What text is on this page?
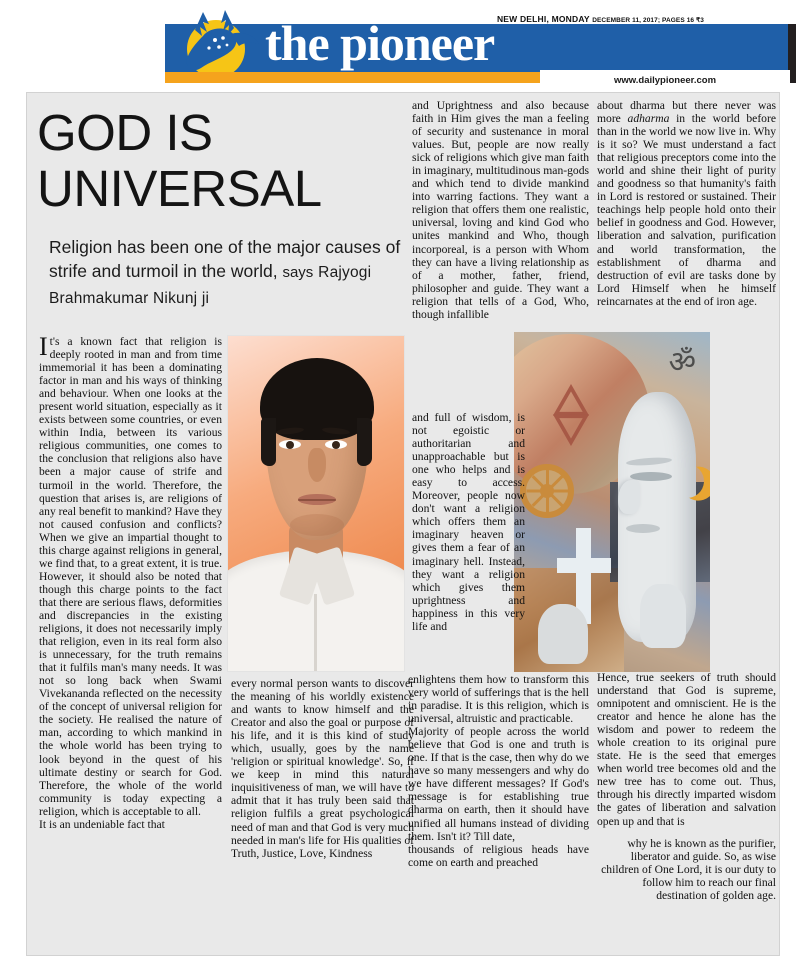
NEW DELHI, MONDAY DECEMBER 11, 2017; PAGES 16 ₹3
the pioneer
www.dailypioneer.com
GOD IS
UNIVERSAL
Religion has been one of the major causes of strife and turmoil in the world, says Rajyogi Brahmakumar Nikunj ji
ॐ

It's a known fact that religion is deeply rooted in man and from time immemorial it has been a dominating factor in man and his ways of thinking and behaviour. When one looks at the present world situation, especially as it exists between some countries, or even within India, between its various religious communities, one comes to the conclusion that religions also have been a major cause of strife and turmoil in the world. Therefore, the question that arises is, are religions of any real benefit to mankind? Have they not caused confusion and conflicts? When we give an impartial thought to this charge against religions in general, we find that, to a great extent, it is true. However, it should also be noted that though this charge points to the fact that there are serious flaws, deformities and discrepancies in the existing religions, it does not necessarily imply that religion, even in its real form also is unnecessary, for the truth remains that it fulfils man's many needs. It was not so long back when Swami Vivekananda reflected on the necessity of the concept of universal religion for the society. He realised the nature of man, according to which mankind in the whole world has been trying to look beyond in the quest of his ultimate destiny or search for God. Therefore, the whole of the world community is today expecting a religion, which is acceptable to all.

It is an undeniable fact that

every normal person wants to discover the meaning of his worldly existence and wants to know himself and the Creator and also the goal or purpose of his life, and it is this kind of study which, usually, goes by the name 'religion or spiritual knowledge'. So, if we keep in mind this natural inquisitiveness of man, we will have to admit that it has truly been said that religion fulfils a great psychological need of man and that God is very much needed in man's life for His qualities of Truth, Justice, Love, Kindness

and Uprightness and also because faith in Him gives the man a feeling of security and sustenance in moral values. But, people are now really sick of religions which give man faith in imaginary, multitudinous man-gods and which tend to divide mankind into warring factions. They want a religion that offers them one realistic, universal, loving and kind God who unites mankind and Who, though incorporeal, is a person with Whom they can have a living relationship as of a mother, father, friend, philosopher and guide. They want a religion that tells of a God, Who, though infallible

and full of wisdom, is not egoistic or authoritarian and unapproachable but is one who helps and is easy to access. Moreover, people now don't want a religion which offers them an imaginary heaven or gives them a fear of an imaginary hell. Instead, they want a religion which gives them uprightness and happiness in this very life and

enlightens them how to transform this very world of sufferings that is the hell in paradise. It is this religion, which is universal, altruistic and practicable.

Majority of people across the world believe that God is one and truth is one. If that is the case, then why do we have so many messengers and why do we have different messages? If God's message is for establishing true dharma on earth, then it should have unified all humans instead of dividing them. Isn't it? Till date,

thousands of religious heads have come on earth and preached

about dharma but there never was more adharma in the world before than in the world we now live in. Why is it so? We must understand a fact that religious preceptors come into the world and shine their light of purity and goodness so that humanity's faith in Lord is restored or sustained. Their teachings help people hold onto their belief in goodness and God. However, liberation and salvation, purification and world transformation, the establishment of dharma and destruction of evil are tasks done by Lord Himself when he himself reincarnates at the end of iron age.

Hence, true seekers of truth should understand that God is supreme, omnipotent and omniscient. He is the creator and hence he alone has the wisdom and power to redeem the whole creation to its original pure state. He is the seed that emerges when world tree becomes old and the new tree has to come out. Thus, through his directly imparted wisdom the gates of liberation and salvation open up and that is

why he is known as the purifier, liberator and guide. So, as wise children of One Lord, it is our duty to follow him to reach our final destination of golden age.
